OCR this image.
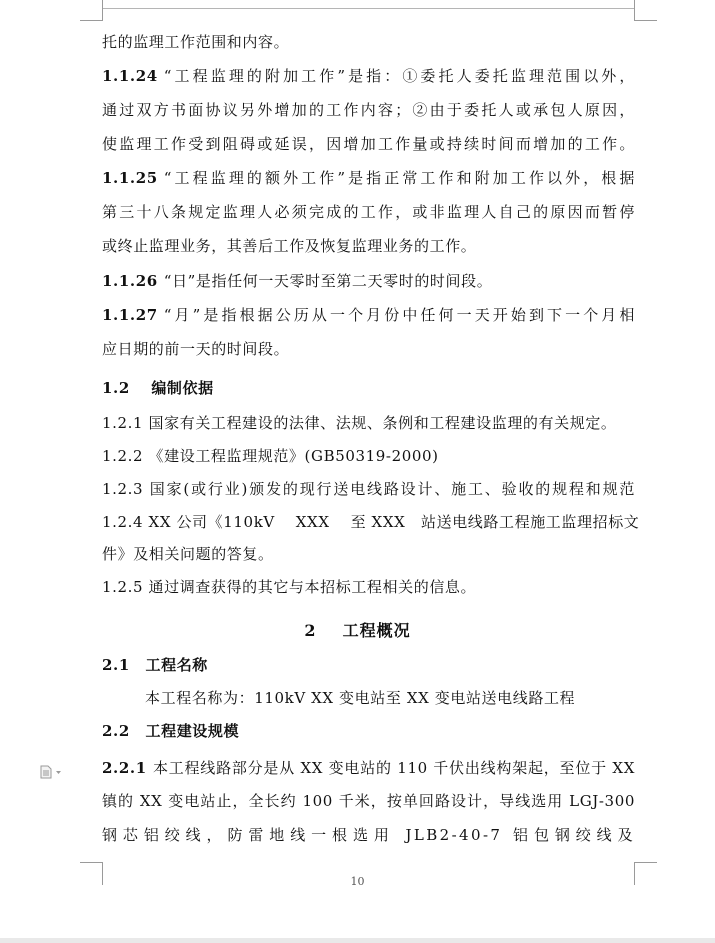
托的监理工作范围和内容。
1.1.24 “工程监理的附加工作”是指：①委托人委托监理范围以外，
通过双方书面协议另外增加的工作内容；②由于委托人或承包人原因，
使监理工作受到阻碍或延误，因增加工作量或持续时间而增加的工作。
1.1.25 “工程监理的额外工作”是指正常工作和附加工作以外，根据
第三十八条规定监理人必须完成的工作，或非监理人自己的原因而暂停
或终止监理业务，其善后工作及恢复监理业务的工作。
1.1.26 “日”是指任何一天零时至第二天零时的时间段。
1.1.27 “月”是指根据公历从一个月份中任何一天开始到下一个月相
应日期的前一天的时间段。
1.2　 编制依据
1.2.1 国家有关工程建设的法律、法规、条例和工程建设监理的有关规定。
1.2.2 《建设工程监理规范》(GB50319-2000)
1.2.3 国家(或行业)颁发的现行送电线路设计、施工、验收的规程和规范
1.2.4 XX 公司《110kV　 XXX　 至 XXX　站送电线路工程施工监理招标文
件》及相关问题的答复。
1.2.5 通过调查获得的其它与本招标工程相关的信息。
2 工程概况
2.1　工程名称
本工程名称为：110kV XX 变电站至 XX 变电站送电线路工程
2.2　工程建设规模
2.2.1 本工程线路部分是从 XX 变电站的 110 千伏出线构架起，至位于 XX
镇的 XX 变电站止，全长约 100 千米，按单回路设计，导线选用 LGJ-300
钢芯铝绞线，防雷地线一根选用 JLB2-40-7 铝包钢绞线及
10
